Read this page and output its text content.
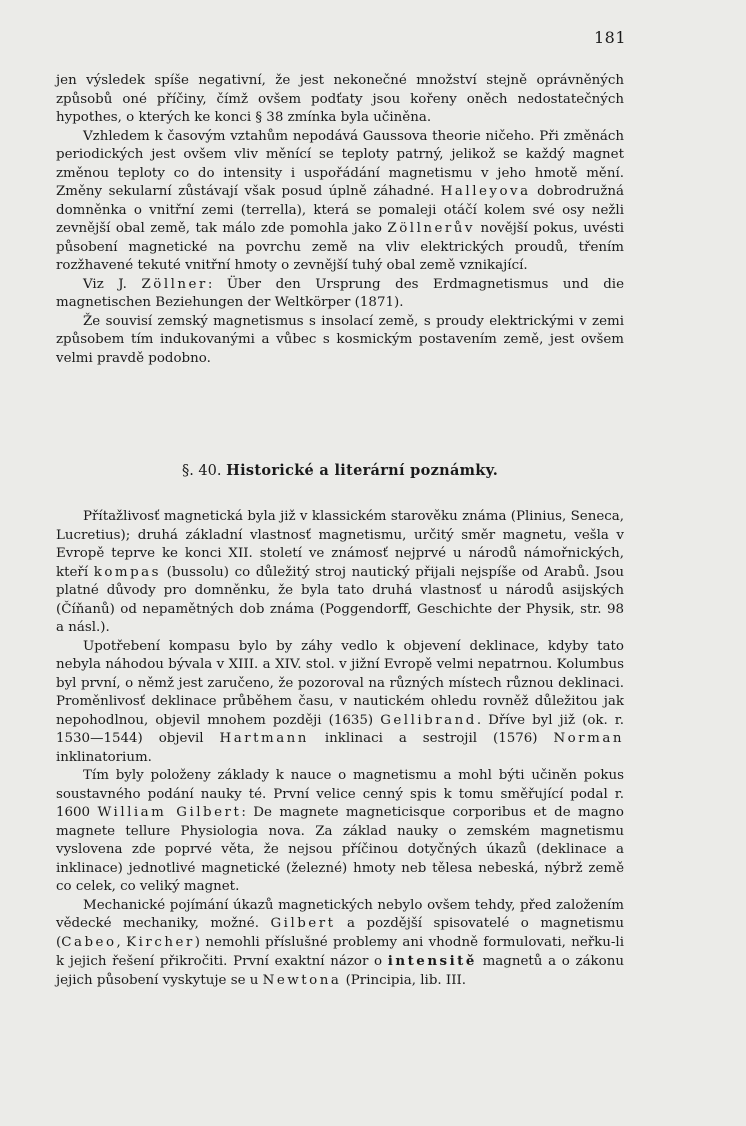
181

jen výsledek spíše negativní, že jest nekonečné množství stejně oprávněných způsobů oné příčiny, čímž ovšem podťaty jsou kořeny oněch nedostatečných hypothes, o kterých ke konci § 38 zmínka byla učiněna.

Vzhledem k časovým vztahům nepodává Gaussova theorie ničeho. Při změnách periodických jest ovšem vliv měnící se teploty patrný, jelikož se každý magnet změnou teploty co do intensity i uspořádání magnetismu v jeho hmotě mění. Změny sekularní zůstávají však posud úplně záhadné. Halleyova dobrodružná domněnka o vnitřní zemi (terrella), která se pomaleji otáčí kolem své osy nežli zevnější obal země, tak málo zde pomohla jako Zöllnerův novější pokus, uvésti působení magnetické na povrchu země na vliv elektrických proudů, třením rozžhavené tekuté vnitřní hmoty o zevnější tuhý obal země vznikající.

Viz J. Zöllner: Über den Ursprung des Erdmagnetismus und die magnetischen Beziehungen der Weltkörper (1871).

Že souvisí zemský magnetismus s insolací země, s proudy elektrickými v zemi způsobem tím indukovanými a vůbec s kosmickým postavením země, jest ovšem velmi pravdě podobno.

§. 40. Historické a literární poznámky.

Přítažlivosť magnetická byla již v klassickém starověku známa (Plinius, Seneca, Lucretius); druhá základní vlastnosť magnetismu, určitý směr magnetu, vešla v Evropě teprve ke konci XII. století ve známosť nejprvé u národů námořnických, kteří kompas (bussolu) co důležitý stroj nautický přijali nejspíše od Arabů. Jsou platné důvody pro domněnku, že byla tato druhá vlastnosť u národů asijských (Číňanů) od nepamětných dob známa (Poggendorff, Geschichte der Physik, str. 98 a násl.).

Upotřebení kompasu bylo by záhy vedlo k objevení deklinace, kdyby tato nebyla náhodou bývala v XIII. a XIV. stol. v jižní Evropě velmi nepatrnou. Kolumbus byl první, o němž jest zaručeno, že pozoroval na různých místech různou deklinaci. Proměnlivosť deklinace průběhem času, v nautickém ohledu rovněž důležitou jak nepohodlnou, objevil mnohem později (1635) Gellibrand. Dříve byl již (ok. r. 1530—1544) objevil Hartmann inklinaci a sestrojil (1576) Norman inklinatorium.

Tím byly položeny základy k nauce o magnetismu a mohl býti učiněn pokus soustavného podání nauky té. První velice cenný spis k tomu směřující podal r. 1600 William Gilbert: De magnete magneticisque corporibus et de magno magnete tellure Physiologia nova. Za základ nauky o zemském magnetismu vyslovena zde poprvé věta, že nejsou příčinou dotyčných úkazů (deklinace a inklinace) jednotlivé magnetické (železné) hmoty neb tělesa nebeská, nýbrž země co celek, co veliký magnet.

Mechanické pojímání úkazů magnetických nebylo ovšem tehdy, před založením vědecké mechaniky, možné. Gilbert a pozdější spisovatelé o magnetismu (Cabeo, Kircher) nemohli příslušné problemy ani vhodně formulovati, neřku-li k jejich řešení přikročiti. První exaktní názor o intensitě magnetů a o zákonu jejich působení vyskytuje se u Newtona (Principia, lib. III.
